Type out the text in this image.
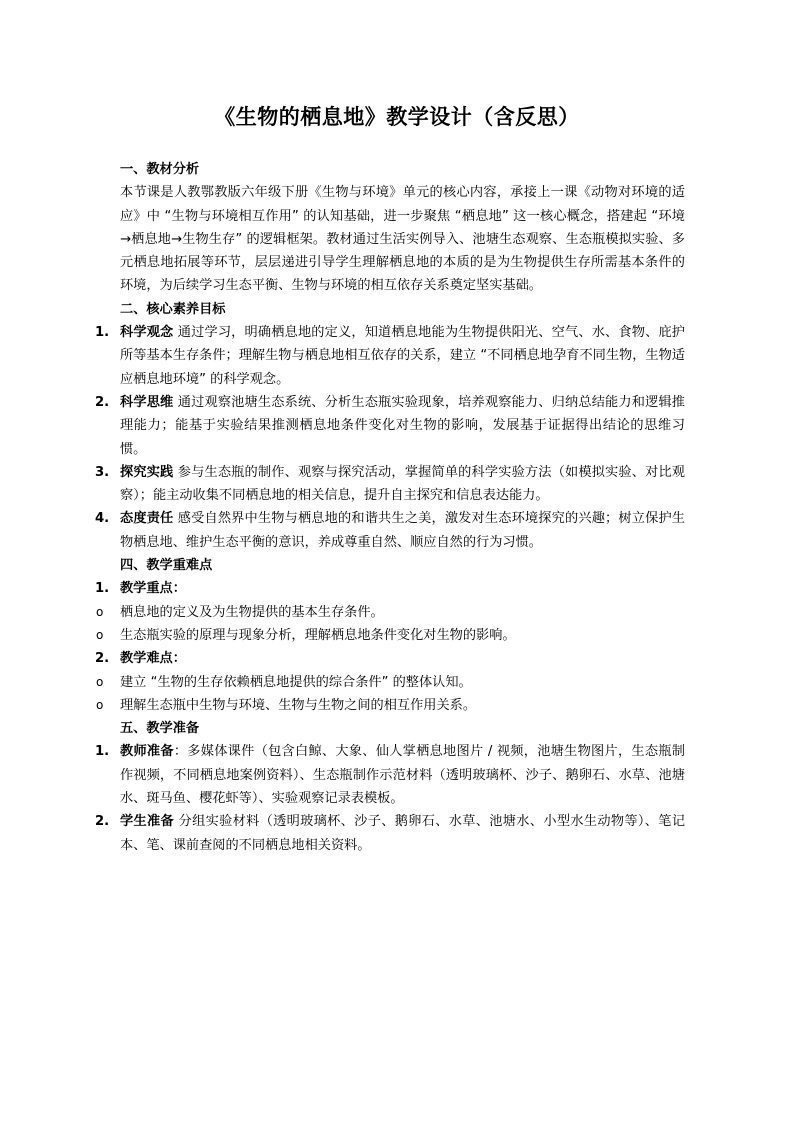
《生物的栖息地》教学设计（含反思）

一、教材分析

本节课是人教鄂教版六年级下册《生物与环境》单元的核心内容，承接上一课《动物对环境的适应》中 “生物与环境相互作用” 的认知基础，进一步聚焦 “栖息地” 这一核心概念，搭建起 “环境→栖息地→生物生存” 的逻辑框架。教材通过生活实例导入、池塘生态观察、生态瓶模拟实验、多元栖息地拓展等环节，层层递进引导学生理解栖息地的本质的是为生物提供生存所需基本条件的环境，为后续学习生态平衡、生物与环境的相互依存关系奠定坚实基础。

二、核心素养目标

1. 科学观念 通过学习，明确栖息地的定义，知道栖息地能为生物提供阳光、空气、水、食物、庇护所等基本生存条件；理解生物与栖息地相互依存的关系，建立 “不同栖息地孕育不同生物，生物适应栖息地环境” 的科学观念。

2. 科学思维 通过观察池塘生态系统、分析生态瓶实验现象，培养观察能力、归纳总结能力和逻辑推理能力；能基于实验结果推测栖息地条件变化对生物的影响，发展基于证据得出结论的思维习惯。

3. 探究实践 参与生态瓶的制作、观察与探究活动，掌握简单的科学实验方法（如模拟实验、对比观察）；能主动收集不同栖息地的相关信息，提升自主探究和信息表达能力。

4. 态度责任 感受自然界中生物与栖息地的和谐共生之美，激发对生态环境探究的兴趣；树立保护生物栖息地、维护生态平衡的意识，养成尊重自然、顺应自然的行为习惯。

四、教学重难点

1. 教学重点：

o 栖息地的定义及为生物提供的基本生存条件。

o 生态瓶实验的原理与现象分析，理解栖息地条件变化对生物的影响。

2. 教学难点：

o 建立 “生物的生存依赖栖息地提供的综合条件” 的整体认知。

o 理解生态瓶中生物与环境、生物与生物之间的相互作用关系。

五、教学准备

1. 教师准备：多媒体课件（包含白鲸、大象、仙人掌栖息地图片 / 视频，池塘生物图片，生态瓶制作视频，不同栖息地案例资料）、生态瓶制作示范材料（透明玻璃杯、沙子、鹅卵石、水草、池塘水、斑马鱼、樱花虾等）、实验观察记录表模板。

2. 学生准备 分组实验材料（透明玻璃杯、沙子、鹅卵石、水草、池塘水、小型水生动物等）、笔记本、笔、课前查阅的不同栖息地相关资料。
